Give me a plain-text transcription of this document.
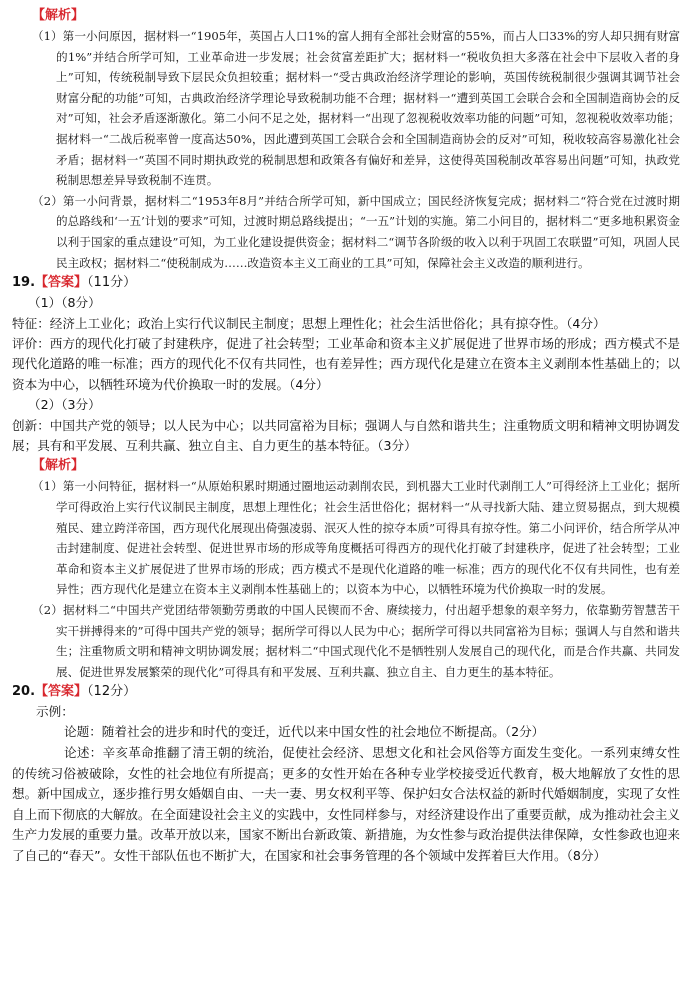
【解析】

（1）第一小问原因，据材料一“1905年，英国占人口1%的富人拥有全部社会财富的55%，而占人口33%的穷人却只拥有财富的1%”并结合所学可知，工业革命进一步发展；社会贫富差距扩大；据材料一“税收负担大多落在社会中下层收入者的身上”可知，传统税制导致下层民众负担较重；据材料一“受古典政治经济学理论的影响，英国传统税制很少强调其调节社会财富分配的功能”可知，古典政治经济学理论导致税制功能不合理；据材料一“遭到英国工会联合会和全国制造商协会的反对”可知，社会矛盾逐渐激化。第二小问不足之处，据材料一“出现了忽视税收效率功能的问题”可知，忽视税收效率功能；据材料一“二战后税率曾一度高达50%，因此遭到英国工会联合会和全国制造商协会的反对”可知，税收较高容易激化社会矛盾；据材料一“英国不同时期执政党的税制思想和政策各有偏好和差异，这使得英国税制改革容易出问题”可知，执政党税制思想差异导致税制不连贯。

（2）第一小问背景，据材料二“1953年8月”并结合所学可知，新中国成立；国民经济恢复完成；据材料二“符合党在过渡时期的总路线和‘一五’计划的要求”可知，过渡时期总路线提出；“一五”计划的实施。第二小问目的，据材料二“更多地积累资金以利于国家的重点建设”可知，为工业化建设提供资金；据材料二“调节各阶级的收入以利于巩固工农联盟”可知，巩固人民民主政权；据材料二“使税制成为……改造资本主义工商业的工具”可知，保障社会主义改造的顺利进行。

19.【答案】（11分）

（1）（8分）

特征：经济上工业化；政治上实行代议制民主制度；思想上理性化；社会生活世俗化；具有掠夺性。（4分）

评价：西方的现代化打破了封建秩序，促进了社会转型；工业革命和资本主义扩展促进了世界市场的形成；西方模式不是现代化道路的唯一标准；西方的现代化不仅有共同性，也有差异性；西方现代化是建立在资本主义剥削本性基础上的；以资本为中心，以牺牲环境为代价换取一时的发展。（4分）

（2）（3分）

创新：中国共产党的领导；以人民为中心；以共同富裕为目标；强调人与自然和谐共生；注重物质文明和精神文明协调发展；具有和平发展、互利共赢、独立自主、自力更生的基本特征。（3分）

【解析】

（1）第一小问特征，据材料一“从原始积累时期通过圈地运动剥削农民，到机器大工业时代剥削工人”可得经济上工业化；据所学可得政治上实行代议制民主制度，思想上理性化；社会生活世俗化；据材料一“从寻找新大陆、建立贸易据点，到大规模殖民、建立跨洋帝国，西方现代化展现出倚强凌弱、泯灭人性的掠夺本质”可得具有掠夺性。第二小问评价，结合所学从冲击封建制度、促进社会转型、促进世界市场的形成等角度概括可得西方的现代化打破了封建秩序，促进了社会转型；工业革命和资本主义扩展促进了世界市场的形成；西方模式不是现代化道路的唯一标准；西方的现代化不仅有共同性，也有差异性；西方现代化是建立在资本主义剥削本性基础上的；以资本为中心，以牺牲环境为代价换取一时的发展。

（2）据材料二“中国共产党团结带领勤劳勇敢的中国人民锲而不舍、赓续接力，付出超乎想象的艰辛努力，依靠勤劳智慧苦干实干拼搏得来的”可得中国共产党的领导；据所学可得以人民为中心；据所学可得以共同富裕为目标；强调人与自然和谐共生；注重物质文明和精神文明协调发展；据材料二“中国式现代化不是牺牲别人发展自己的现代化，而是合作共赢、共同发展、促进世界发展繁荣的现代化”可得具有和平发展、互利共赢、独立自主、自力更生的基本特征。

20.【答案】（12分）

示例：

论题：随着社会的进步和时代的变迁，近代以来中国女性的社会地位不断提高。（2分）

论述：辛亥革命推翻了清王朝的统治，促使社会经济、思想文化和社会风俗等方面发生变化。一系列束缚女性的传统习俗被破除，女性的社会地位有所提高；更多的女性开始在各种专业学校接受近代教育，极大地解放了女性的思想。新中国成立，逐步推行男女婚姻自由、一夫一妻、男女权利平等、保护妇女合法权益的新时代婚姻制度，实现了女性自上而下彻底的大解放。在全面建设社会主义的实践中，女性同样参与，对经济建设作出了重要贡献，成为推动社会主义生产力发展的重要力量。改革开放以来，国家不断出台新政策、新措施，为女性参与政治提供法律保障，女性参政也迎来了自己的“春天”。女性干部队伍也不断扩大，在国家和社会事务管理的各个领域中发挥着巨大作用。（8分）
